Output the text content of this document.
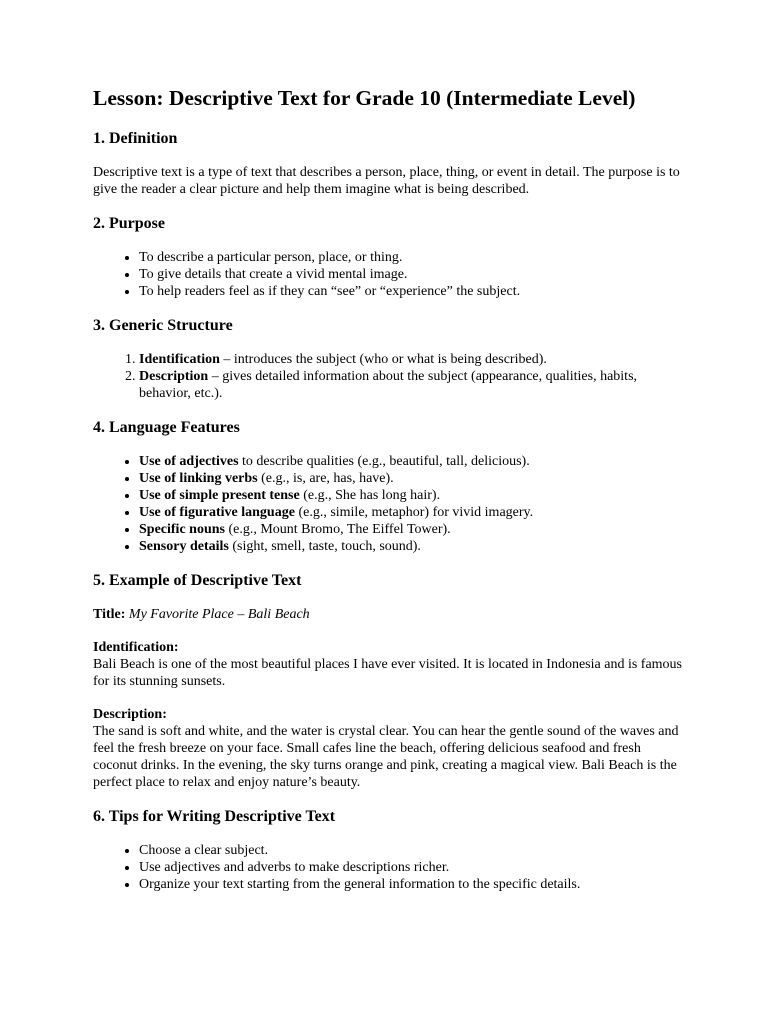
Lesson: Descriptive Text for Grade 10 (Intermediate Level)
1. Definition

Descriptive text is a type of text that describes a person, place, thing, or event in detail. The purpose is to give the reader a clear picture and help them imagine what is being described.

2. Purpose
• To describe a particular person, place, or thing.
• To give details that create a vivid mental image.
• To help readers feel as if they can “see” or “experience” the subject.
3. Generic Structure
1. Identification – introduces the subject (who or what is being described).
2. Description – gives detailed information about the subject (appearance, qualities, habits, behavior, etc.).
4. Language Features
• Use of adjectives to describe qualities (e.g., beautiful, tall, delicious).
• Use of linking verbs (e.g., is, are, has, have).
• Use of simple present tense (e.g., She has long hair).
• Use of figurative language (e.g., simile, metaphor) for vivid imagery.
• Specific nouns (e.g., Mount Bromo, The Eiffel Tower).
• Sensory details (sight, smell, taste, touch, sound).
5. Example of Descriptive Text

Title: My Favorite Place – Bali Beach

Identification:
Bali Beach is one of the most beautiful places I have ever visited. It is located in Indonesia and is famous for its stunning sunsets.

Description:
The sand is soft and white, and the water is crystal clear. You can hear the gentle sound of the waves and feel the fresh breeze on your face. Small cafes line the beach, offering delicious seafood and fresh coconut drinks. In the evening, the sky turns orange and pink, creating a magical view. Bali Beach is the perfect place to relax and enjoy nature’s beauty.

6. Tips for Writing Descriptive Text
• Choose a clear subject.
• Use adjectives and adverbs to make descriptions richer.
• Organize your text starting from the general information to the specific details.
